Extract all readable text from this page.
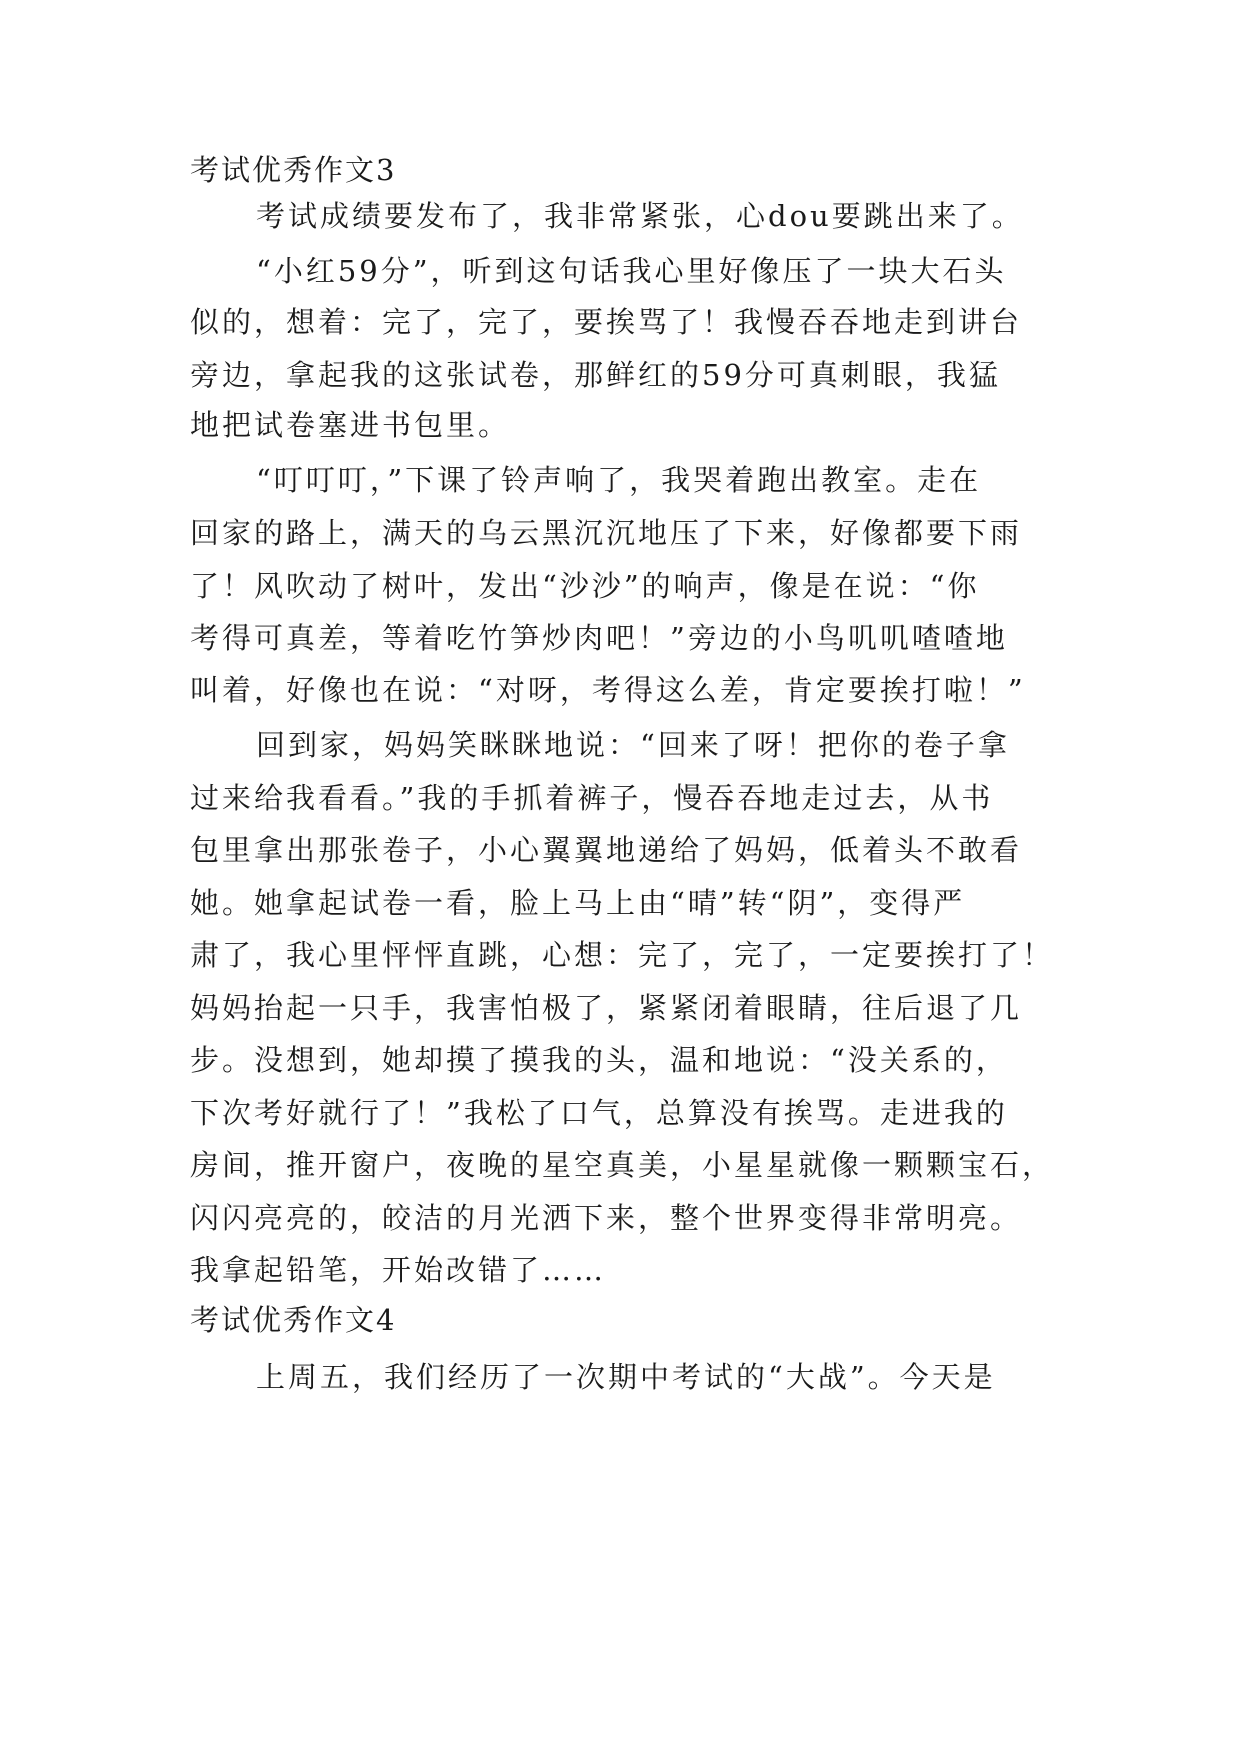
考试优秀作文3
考试成绩要发布了，我非常紧张，心dou要跳出来了。
“小红59分”，听到这句话我心里好像压了一块大石头
似的，想着：完了，完了，要挨骂了！我慢吞吞地走到讲台
旁边，拿起我的这张试卷，那鲜红的59分可真刺眼，我猛
地把试卷塞进书包里。
“叮叮叮，”下课了铃声响了，我哭着跑出教室。走在
回家的路上，满天的乌云黑沉沉地压了下来，好像都要下雨
了！风吹动了树叶，发出“沙沙”的响声，像是在说：“你
考得可真差，等着吃竹笋炒肉吧！”旁边的小鸟叽叽喳喳地
叫着，好像也在说：“对呀，考得这么差，肯定要挨打啦！”
回到家，妈妈笑眯眯地说：“回来了呀！把你的卷子拿
过来给我看看。”我的手抓着裤子，慢吞吞地走过去，从书
包里拿出那张卷子，小心翼翼地递给了妈妈，低着头不敢看
她。她拿起试卷一看，脸上马上由“晴”转“阴”，变得严
肃了，我心里怦怦直跳，心想：完了，完了，一定要挨打了！
妈妈抬起一只手，我害怕极了，紧紧闭着眼睛，往后退了几
步。没想到，她却摸了摸我的头，温和地说：“没关系的，
下次考好就行了！”我松了口气，总算没有挨骂。走进我的
房间，推开窗户，夜晚的星空真美，小星星就像一颗颗宝石，
闪闪亮亮的，皎洁的月光洒下来，整个世界变得非常明亮。
我拿起铅笔，开始改错了……
考试优秀作文4
上周五，我们经历了一次期中考试的“大战”。今天是
